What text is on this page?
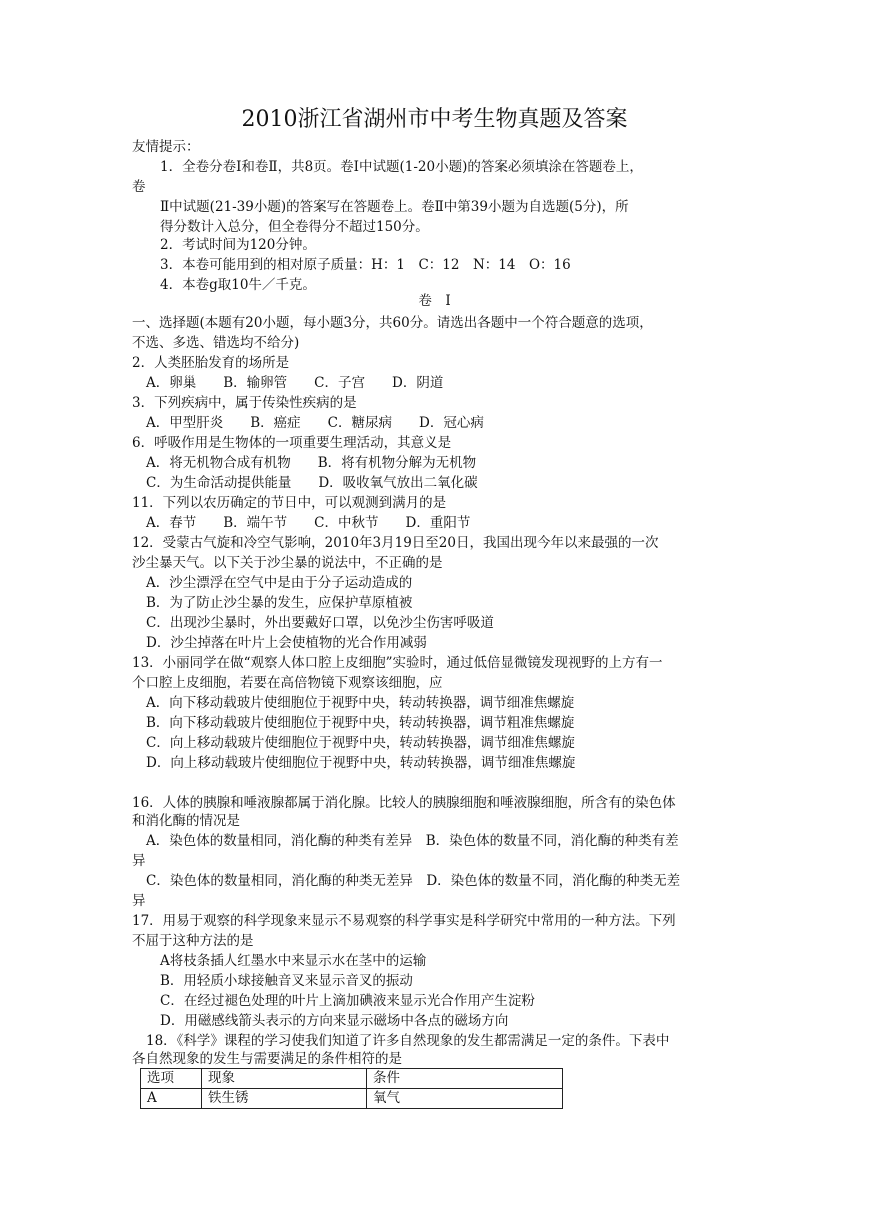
2010浙江省湖州市中考生物真题及答案
友情提示：
1．全卷分卷Ⅰ和卷Ⅱ，共8页。卷Ⅰ中试题(1-20小题)的答案必须填涂在答题卷上，
卷
Ⅱ中试题(21-39小题)的答案写在答题卷上。卷Ⅱ中第39小题为自选题(5分)，所
得分数计入总分，但全卷得分不超过150分。
2．考试时间为120分钟。
3．本卷可能用到的相对原子质量：H：1　C：12　N：14　O：16
4．本卷g取10牛／千克。
卷　Ⅰ
一、选择题(本题有20小题，每小题3分，共60分。请选出各题中一个符合题意的选项，
不选、多选、错选均不给分)
2．人类胚胎发育的场所是
A．卵巢　　B．输卵管　　C．子宫　　D．阴道
3．下列疾病中，属于传染性疾病的是
A．甲型肝炎　　B．癌症　　C．糖尿病　　D．冠心病
6．呼吸作用是生物体的一项重要生理活动，其意义是
A．将无机物合成有机物　　B．将有机物分解为无机物
C．为生命活动提供能量　　D．吸收氧气放出二氧化碳
11．下列以农历确定的节日中，可以观测到满月的是
A．春节　　B．端午节　　C．中秋节　　D．重阳节
12．受蒙古气旋和冷空气影响，2010年3月19日至20日，我国出现今年以来最强的一次
沙尘暴天气。以下关于沙尘暴的说法中，不正确的是
A．沙尘漂浮在空气中是由于分子运动造成的
B．为了防止沙尘暴的发生，应保护草原植被
C．出现沙尘暴时，外出要戴好口罩，以免沙尘伤害呼吸道
D．沙尘掉落在叶片上会使植物的光合作用减弱
13．小丽同学在做“观察人体口腔上皮细胞”实验时，通过低倍显微镜发现视野的上方有一
个口腔上皮细胞，若要在高倍物镜下观察该细胞，应
A．向下移动载玻片使细胞位于视野中央，转动转换器，调节细准焦螺旋
B．向下移动载玻片使细胞位于视野中央，转动转换器，调节粗准焦螺旋
C．向上移动载玻片使细胞位于视野中央，转动转换器，调节细准焦螺旋
D．向上移动载玻片使细胞位于视野中央，转动转换器，调节细准焦螺旋
16．人体的胰腺和唾液腺都属于消化腺。比较人的胰腺细胞和唾液腺细胞，所含有的染色体
和消化酶的情况是
A．染色体的数量相同，消化酶的种类有差异　B．染色体的数量不同，消化酶的种类有差
异
C．染色体的数量相同，消化酶的种类无差异　D．染色体的数量不同，消化酶的种类无差
异
17．用易于观察的科学现象来显示不易观察的科学事实是科学研究中常用的一种方法。下列
不屈于这种方法的是
A将枝条插人红墨水中来显示水在茎中的运输
B．用轻质小球接触音叉来显示音叉的振动
C．在经过褪色处理的叶片上滴加碘液来显示光合作用产生淀粉
D．用磁感线箭头表示的方向来显示磁场中各点的磁场方向
18．《科学》课程的学习使我们知道了许多自然现象的发生都需满足一定的条件。下表中
各自然现象的发生与需要满足的条件相符的是
选项	现象	条件
A	铁生锈	氧气
